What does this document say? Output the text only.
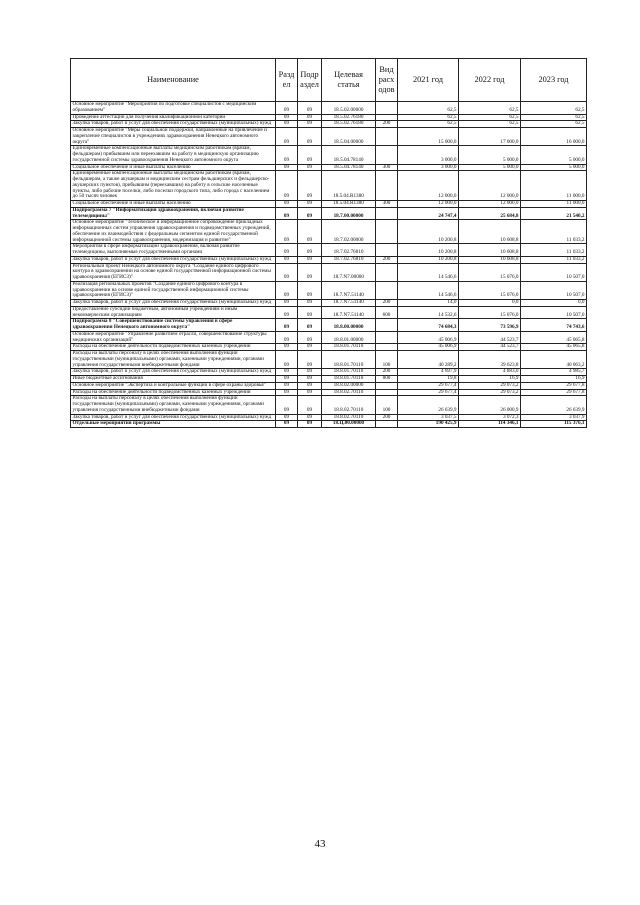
Наименование	Разд ел	Подр аздел	Целевая статья	Вид расх одов	2021 год	2022 год	2023 год
Основное мероприятие "Мероприятия по подготовке специалистов с медицинским образованием"	09	09	18.5.02.00000		62,5	62,5	62,5
Проведение аттестации для получения квалификационной категории	09	09	18.5.02.76180		62,5	62,5	62,5
Закупка товаров, работ и услуг для обеспечения государственных (муниципальных) нужд	09	09	18.5.02.76180	200	62,5	62,5	62,5
Основное мероприятие "Меры социальной поддержки, направленные на привлечение и закрепление специалистов в учреждениях здравоохранения Ненецкого автономного округа"	09	09	18.5.04.00000		15 000,0	17 000,0	16 000,0
Единовременные компенсационные выплаты медицинским работникам (врачам, фельдшерам) прибывшим или переехавшим на работу в медицинскую организацию государственной системы здравоохранения Ненецкого автономного округа	09	09	18.5.04.78140		3 000,0	5 000,0	5 000,0
Социальное обеспечение и иные выплаты населению	09	09	18.5.04.78140	300	3 000,0	5 000,0	5 000,0
Единовременные компенсационные выплаты медицинским работникам (врачам, фельдшерам, а также акушеркам и медицинским сестрам фельдшерских и фельдшерско-акушерских пунктов), прибывшим (переехавшим) на работу в сельские населенные пункты, либо рабочие поселки, либо поселки городского типа, либо города с населением до 50 тысяч человек	09	09	18.5.04.R1380		12 000,0	12 000,0	11 000,0
Социальное обеспечение и иные выплаты населению	09	09	18.5.04.R1380	300	12 000,0	12 000,0	11 000,0
Подпрограмма 7 "Информатизация здравоохранения, включая развитие телемедицины"	09	09	18.7.00.00000		24 747,4	25 684,8	21 540,2
Основное мероприятие "Техническое и информационное сопровождение прикладных информационных систем управления здравоохранения и подведомственных учреждений, обеспечение их взаимодействия с федеральным сегментом единой государственной информационной системы здравоохранения, модернизация и развитие"	09	09	18.7.02.00000		10 200,8	10 608,8	11 033,2
Мероприятия в сфере информатизации здравоохранения, включая развитие телемедицины, выполняемые государственными органами	09	09	18.7.02.76810		10 200,8	10 608,8	11 033,2
Закупка товаров, работ и услуг для обеспечения государственных (муниципальных) нужд	09	09	18.7.02.76810	200	10 200,8	10 608,8	11 033,2
Региональный проект Ненецкого автономного округа "Создание единого цифрового контура в здравоохранении на основе единой государственной информационной системы здравоохранения (ЕГИСЗ)"	09	09	18.7.N7.00000		14 546,6	15 076,0	10 507,0
Реализация региональных проектов "Создание единого цифрового контура в здравоохранении на основе единой государственной информационной системы здравоохранения (ЕГИСЗ)"	09	09	18.7.N7.51140		14 546,6	15 076,0	10 507,0
Закупка товаров, работ и услуг для обеспечения государственных (муниципальных) нужд	09	09	18.7.N7.51140	200	14,0	0,0	0,0
Предоставление субсидий бюджетным, автономным учреждениям и иным некоммерческим организациям	09	09	18.7.N7.51140	600	14 532,6	15 076,0	10 507,0
Подпрограмма 8 "Совершенствование системы управления в сфере здравоохранения Ненецкого автономного округа"	09	09	18.8.00.00000		74 684,3	73 596,9	74 743,6
Основное мероприятие "Управление развитием отрасли, совершенствование структуры медицинских организаций"	09	09	18.8.01.00000		45 006,9	44 523,7	45 065,8
Расходы на обеспечение деятельности подведомственных казенных учреждений	09	09	18.8.01.70110		45 006,9	44 523,7	45 065,8
Расходы на выплаты персоналу в целях обеспечения выполнения функций государственными (муниципальными) органами, казенными учреждениями, органами управления государственными внебюджетными фондами	09	09	18.8.01.70110	100	40 289,2	39 623,8	40 063,2
Закупка товаров, работ и услуг для обеспечения государственных (муниципальных) нужд	09	09	18.8.01.70110	200	4 697,9	4 883,0	4 985,7
Иные бюджетные ассигнования	09	09	18.8.01.70110	800	19,8	16,9	16,9
Основное мероприятие "Экспертиза и контрольные функции в сфере охраны здоровья"	09	09	18.8.02.00000		29 677,4	29 073,2	29 677,8
Расходы на обеспечение деятельности подведомственных казенных учреждений	09	09	18.8.02.70110		29 677,4	29 073,2	29 677,8
Расходы на выплаты персоналу в целях обеспечения выполнения функций государственными (муниципальными) органами, казенными учреждениями, органами управления государственными внебюджетными фондами	09	09	18.8.02.70110	100	26 639,9	26 000,9	26 639,9
Закупка товаров, работ и услуг для обеспечения государственных (муниципальных) нужд	09	09	18.8.02.70110	200	3 037,5	3 072,3	3 037,9
Отдельные мероприятия программы	09	09	18.Ц.00.00000		190 425,9	114 346,1	115 376,1
43
